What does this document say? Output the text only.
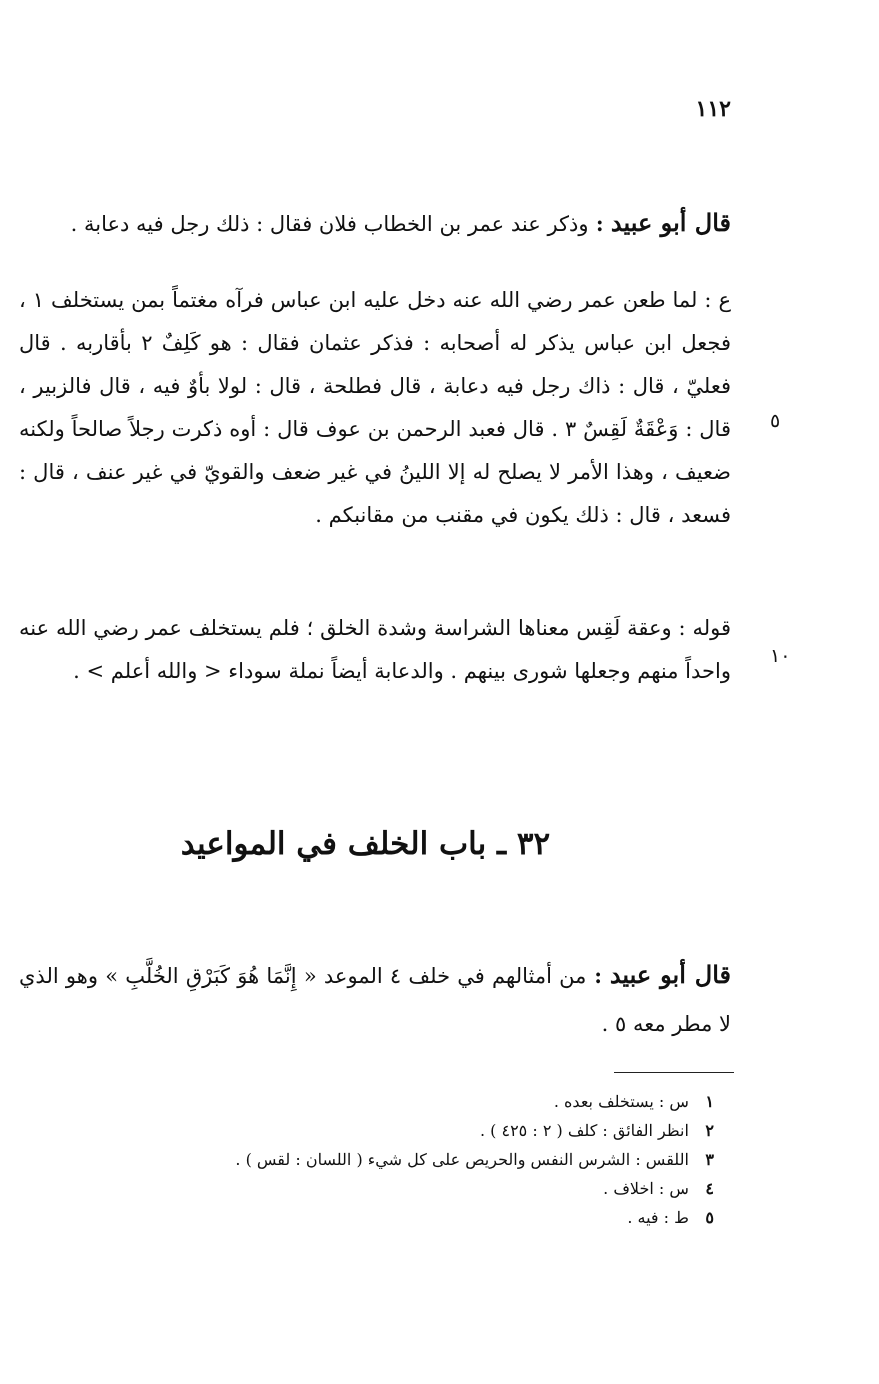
١١٢

قال أبو عبيد : وذكر عند عمر بن الخطاب فلان فقال : ذلك رجل فيه دعابة .

ع : لما طعن عمر رضي الله عنه دخل عليه ابن عباس فرآه مغتماً بمن يستخلف ١ ، فجعل ابن عباس يذكر له أصحابه : فذكر عثمان فقال : هو كَلِفٌ ٢ بأقاربه . قال فعليّ ، قال : ذاك رجل فيه دعابة ، قال فطلحة ، قال : لولا بأوٌ فيه ، قال فالزبير ، قال : وَعْقَةٌ لَقِسٌ ٣ . قال فعبد الرحمن بن عوف قال : أوه ذكرت رجلاً صالحاً ولكنه ضعيف ، وهذا الأمر لا يصلح له إلا اللينُ في غير ضعف والقويّ في غير عنف ، قال : فسعد ، قال : ذلك يكون في مقنب من مقانبكم .

٥

قوله : وعقة لَقِس معناها الشراسة وشدة الخلق ؛ فلم يستخلف عمر رضي الله عنه واحداً منهم وجعلها شورى بينهم . والدعابة أيضاً نملة سوداء < والله أعلم > .

١٠
٣٢ ـ باب الخلف في المواعيد

قال أبو عبيد : من أمثالهم في خلف ٤ الموعد « إِنَّمَا هُوَ كَبَرْقِ الخُلَّبِ » وهو الذي لا مطر معه ٥ .

١ س : يستخلف بعده .
٢ انظر الفائق : كلف ( ٢ : ٤٢٥ ) .
٣ اللقس : الشرس النفس والحريص على كل شيء ( اللسان : لقس ) .
٤ س : اخلاف .
٥ ط : فيه .
